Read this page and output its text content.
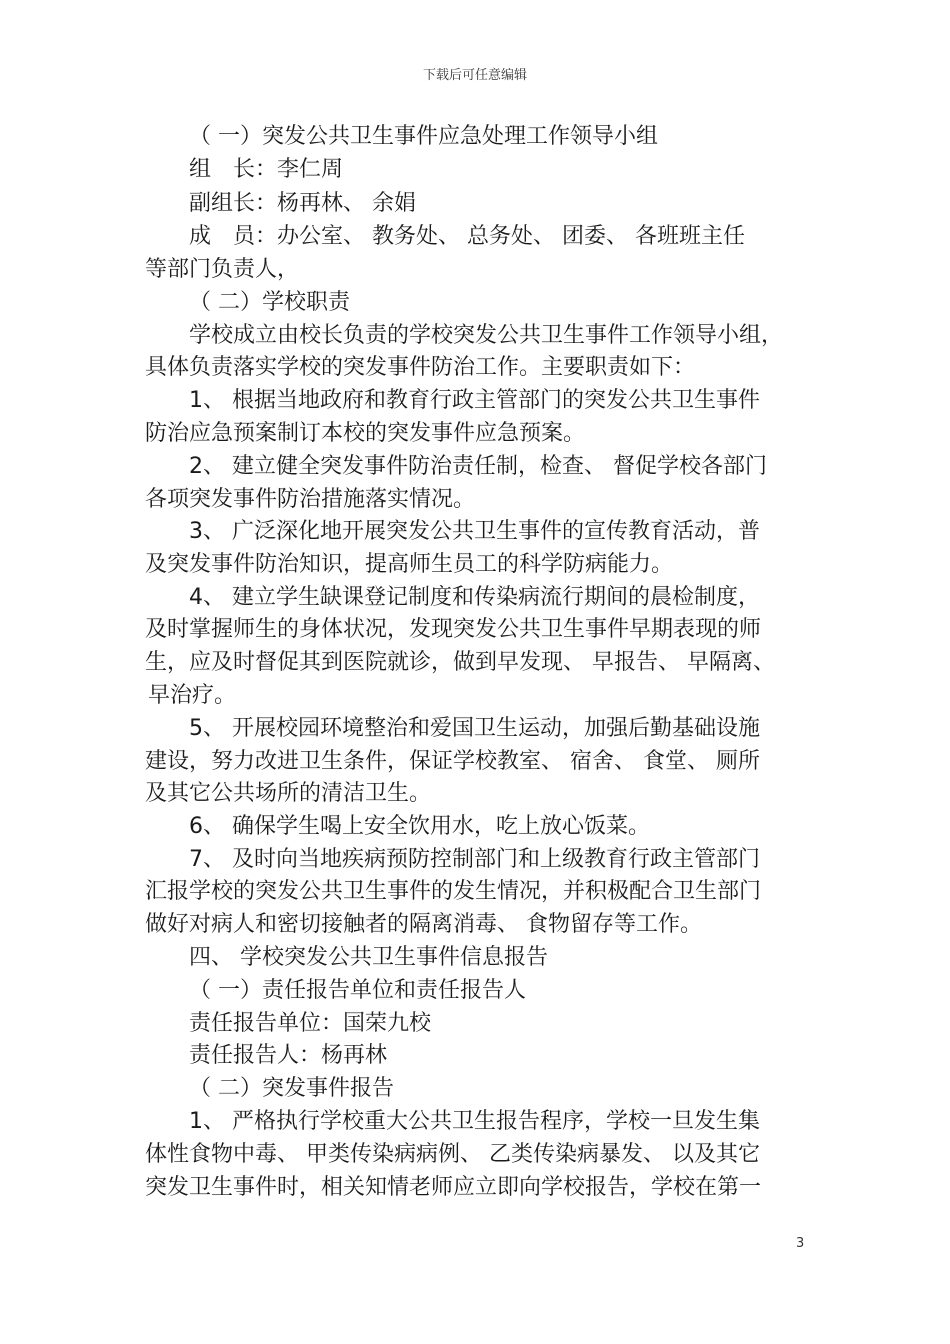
下载后可任意编辑
（ 一）突发公共卫生事件应急处理工作领导小组
组　长：李仁周
副组长：杨再林、 余娟
成　员：办公室、 教务处、 总务处、 团委、 各班班主任
等部门负责人，
（ 二）学校职责
学校成立由校长负责的学校突发公共卫生事件工作领导小组，
具体负责落实学校的突发事件防治工作。主要职责如下：
1、 根据当地政府和教育行政主管部门的突发公共卫生事件
防治应急预案制订本校的突发事件应急预案。
2、 建立健全突发事件防治责任制，检查、 督促学校各部门
各项突发事件防治措施落实情况。
3、 广泛深化地开展突发公共卫生事件的宣传教育活动，普
及突发事件防治知识，提高师生员工的科学防病能力。
4、 建立学生缺课登记制度和传染病流行期间的晨检制度，
及时掌握师生的身体状况，发现突发公共卫生事件早期表现的师
生，应及时督促其到医院就诊，做到早发现、 早报告、 早隔离、
早治疗。
5、 开展校园环境整治和爱国卫生运动，加强后勤基础设施
建设，努力改进卫生条件，保证学校教室、 宿舍、 食堂、 厕所
及其它公共场所的清洁卫生。
6、 确保学生喝上安全饮用水，吃上放心饭菜。
7、 及时向当地疾病预防控制部门和上级教育行政主管部门
汇报学校的突发公共卫生事件的发生情况，并积极配合卫生部门
做好对病人和密切接触者的隔离消毒、 食物留存等工作。
四、 学校突发公共卫生事件信息报告
（ 一）责任报告单位和责任报告人
责任报告单位：国荣九校
责任报告人：杨再林
（ 二）突发事件报告
1、 严格执行学校重大公共卫生报告程序，学校一旦发生集
体性食物中毒、 甲类传染病病例、 乙类传染病暴发、 以及其它
突发卫生事件时，相关知情老师应立即向学校报告，学校在第一
3
